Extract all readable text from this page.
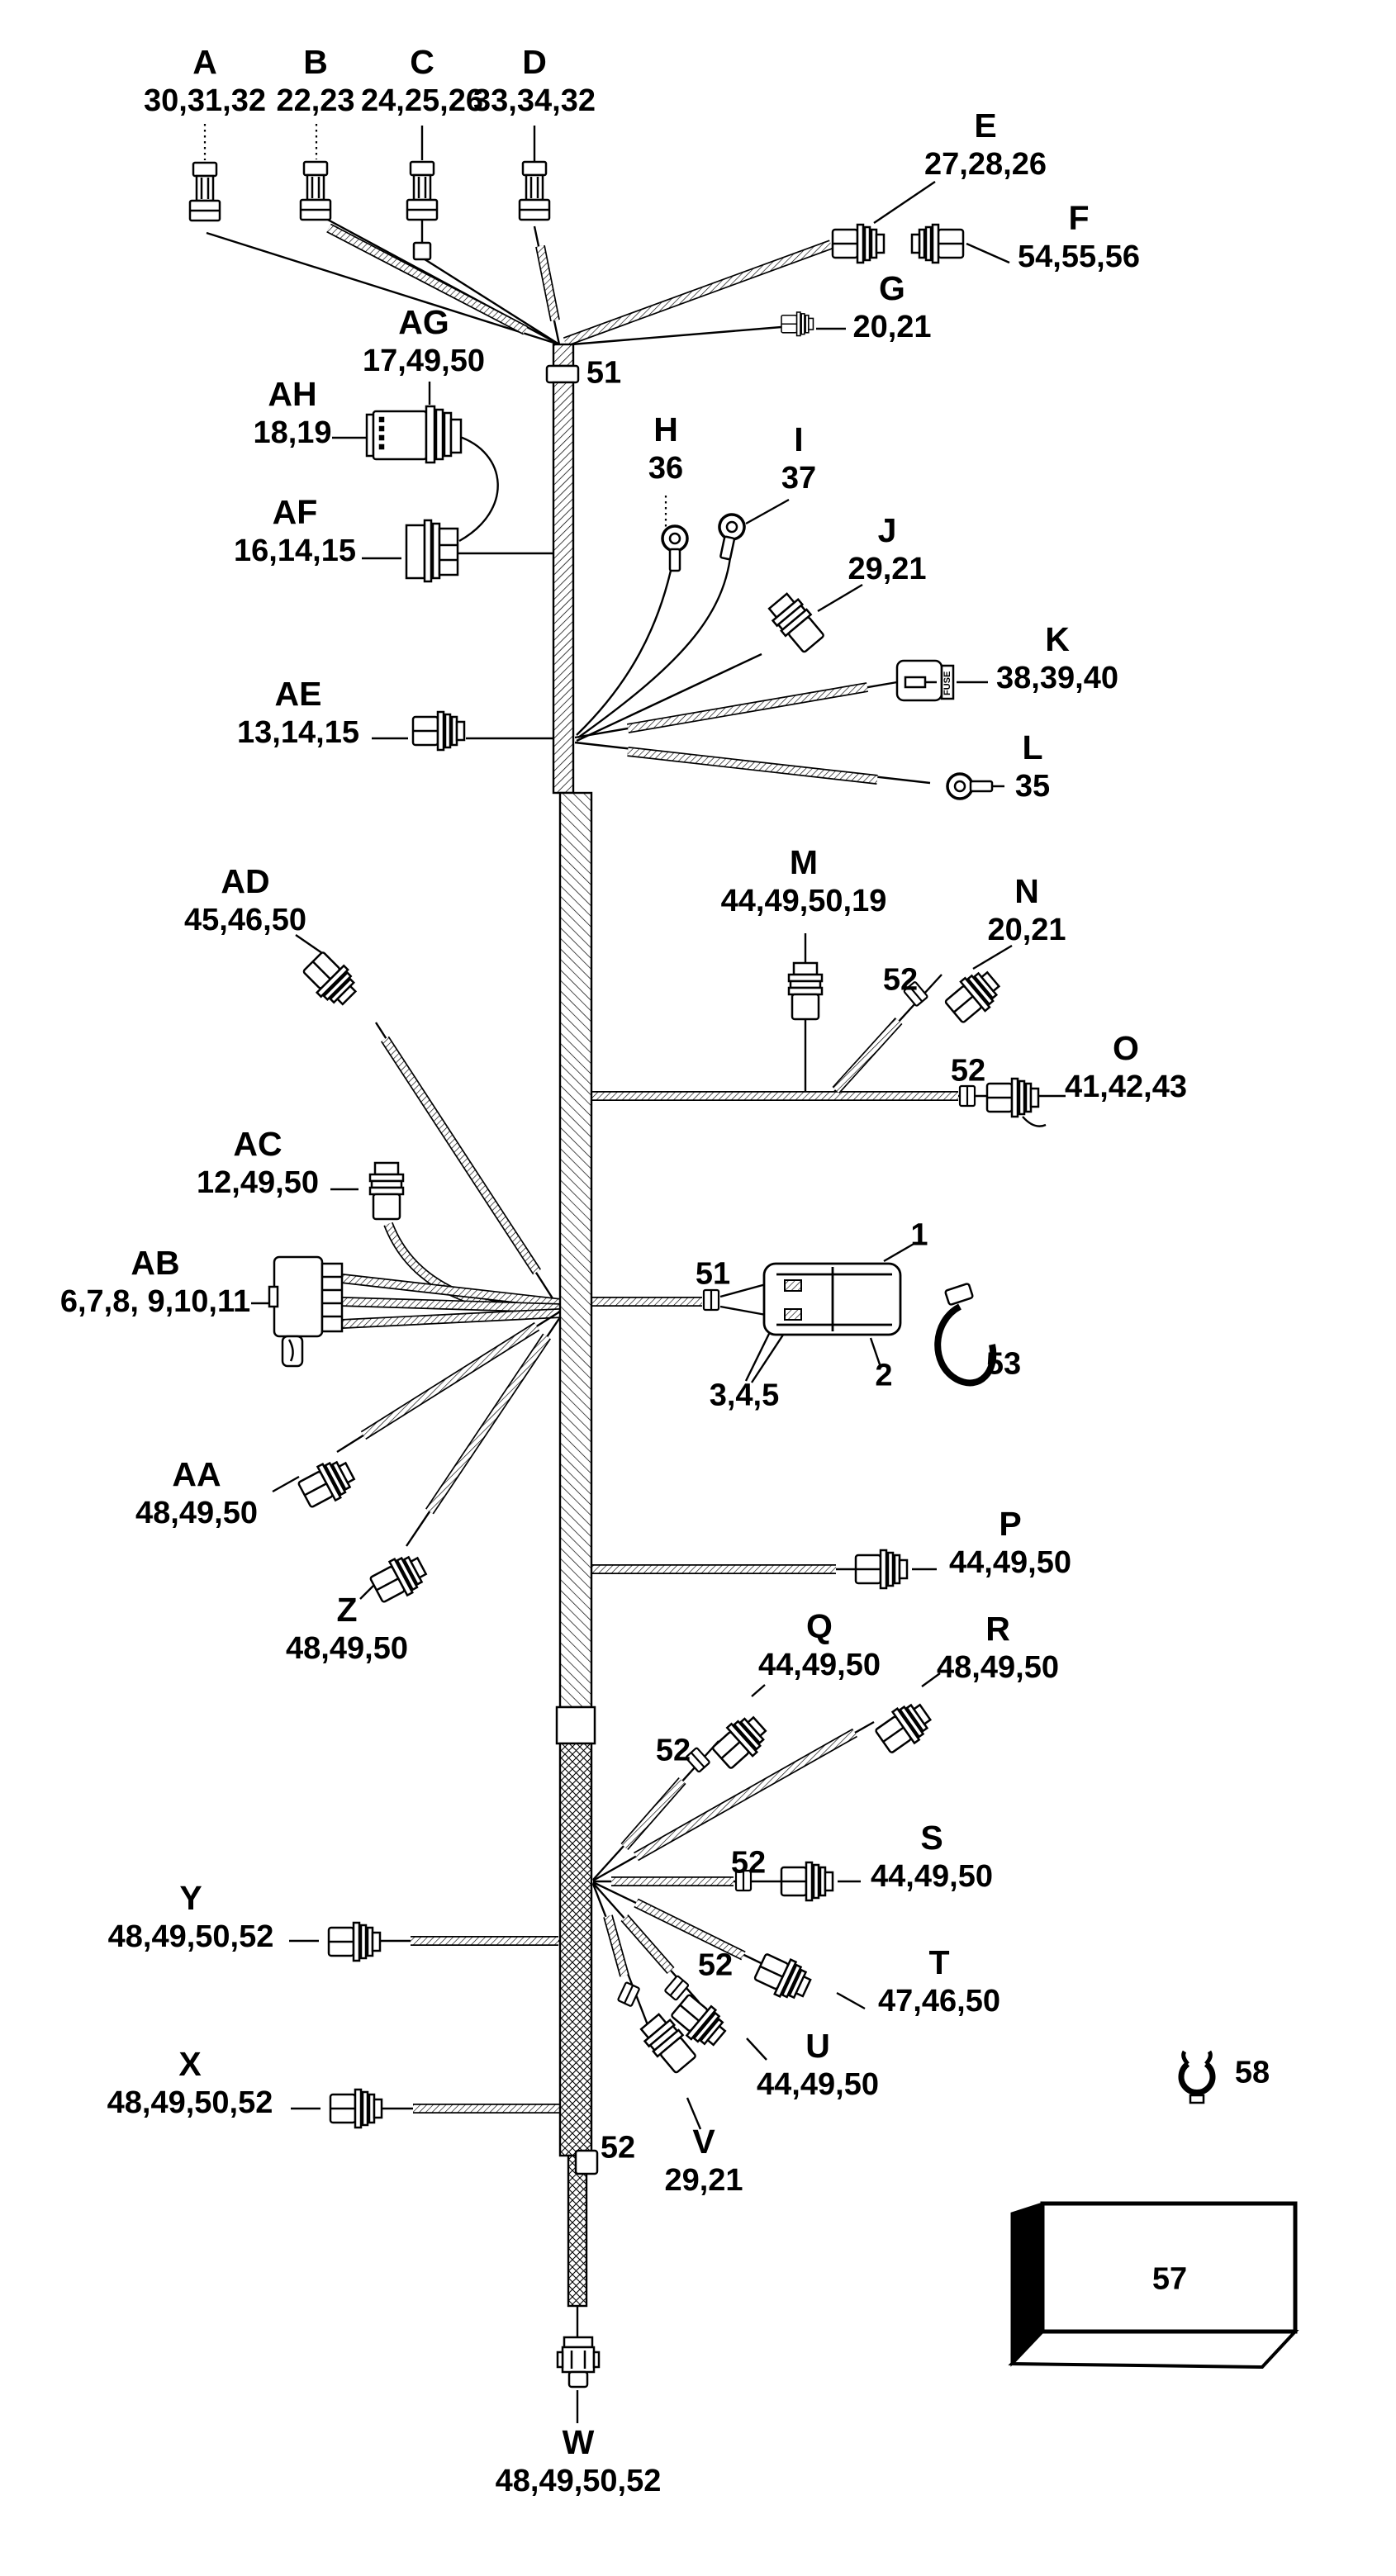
FUSE
A
30,31,32
B
22,23
C
24,25,26
D
33,34,32
E
27,28,26
F
54,55,56
G
20,21
AG
17,49,50
AH
18,19
AF
16,14,15
H
36
I
37
J
29,21
K
38,39,40
L
35
AE
13,14,15
M
44,49,50,19	N
20,21
O
41,42,43
AD
45,46,50
AC
12,49,50
AB
6,7,8, 9,10,11
AA
48,49,50
Z
48,49,50
P
44,49,50
Q
44,49,50
R
48,49,50
S
44,49,50
T
47,46,50
U
44,49,50
V
29,21
Y
48,49,50,52
X
48,49,50,52
W
48,49,50,52
51
51
1
2
3,4,5
53
52
52
52
52
52
52
57
58
